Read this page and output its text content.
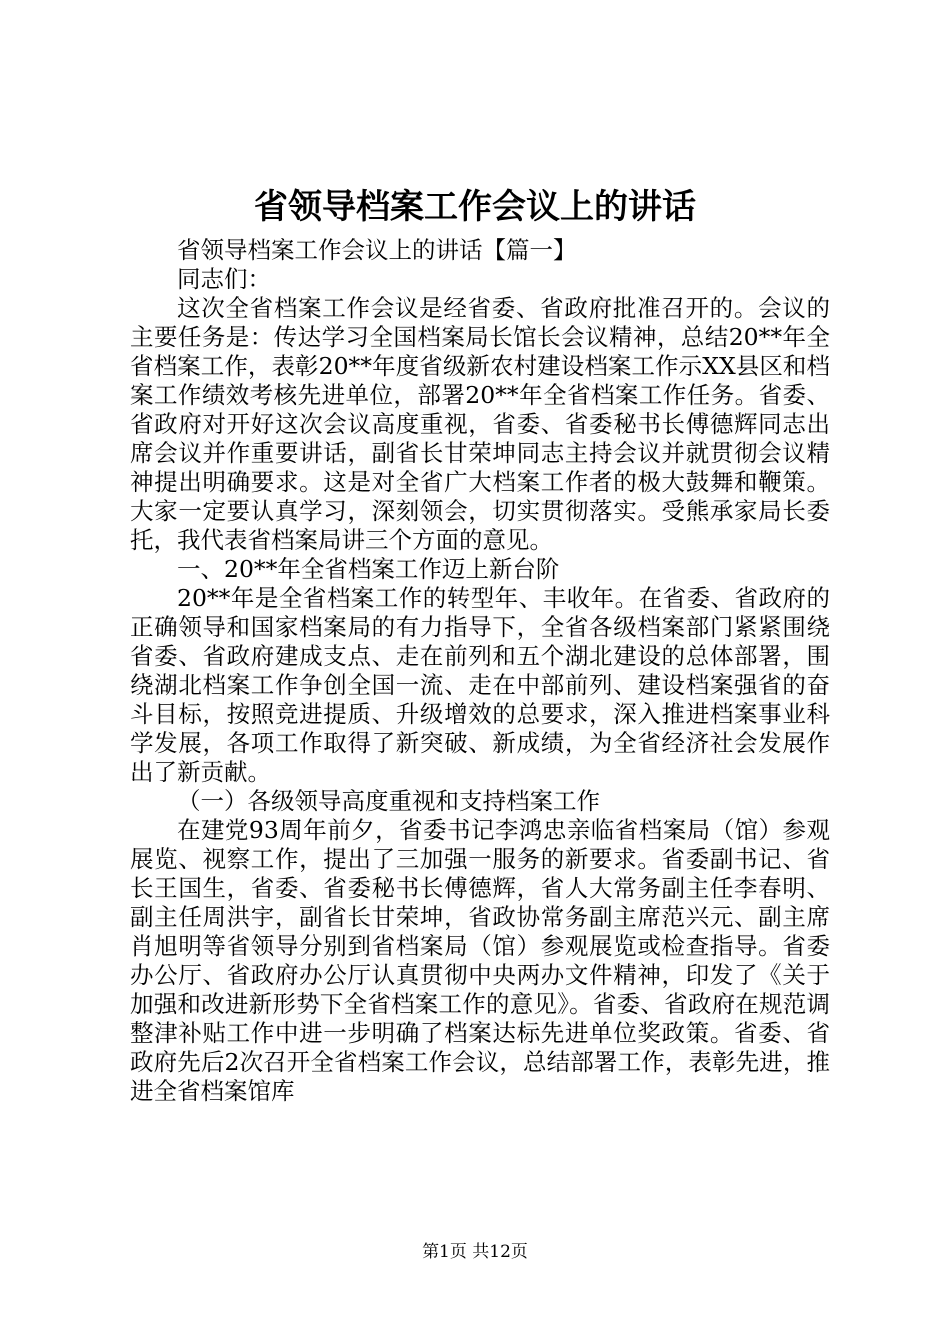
省领导档案工作会议上的讲话

省领导档案工作会议上的讲话【篇一】

同志们：

这次全省档案工作会议是经省委、省政府批准召开的。会议的主要任务是：传达学习全国档案局长馆长会议精神，总结20**年全省档案工作，表彰20**年度省级新农村建设档案工作示XX县区和档案工作绩效考核先进单位，部署20**年全省档案工作任务。省委、省政府对开好这次会议高度重视，省委、省委秘书长傅德辉同志出席会议并作重要讲话，副省长甘荣坤同志主持会议并就贯彻会议精神提出明确要求。这是对全省广大档案工作者的极大鼓舞和鞭策。大家一定要认真学习，深刻领会，切实贯彻落实。受熊承家局长委托，我代表省档案局讲三个方面的意见。

一、20**年全省档案工作迈上新台阶

20**年是全省档案工作的转型年、丰收年。在省委、省政府的正确领导和国家档案局的有力指导下，全省各级档案部门紧紧围绕省委、省政府建成支点、走在前列和五个湖北建设的总体部署，围绕湖北档案工作争创全国一流、走在中部前列、建设档案强省的奋斗目标，按照竞进提质、升级增效的总要求，深入推进档案事业科学发展，各项工作取得了新突破、新成绩，为全省经济社会发展作出了新贡献。

（一）各级领导高度重视和支持档案工作

在建党93周年前夕，省委书记李鸿忠亲临省档案局（馆）参观展览、视察工作，提出了三加强一服务的新要求。省委副书记、省长王国生，省委、省委秘书长傅德辉，省人大常务副主任李春明、副主任周洪宇，副省长甘荣坤，省政协常务副主席范兴元、副主席肖旭明等省领导分别到省档案局（馆）参观展览或检查指导。省委办公厅、省政府办公厅认真贯彻中央两办文件精神，印发了《关于加强和改进新形势下全省档案工作的意见》。省委、省政府在规范调整津补贴工作中进一步明确了档案达标先进单位奖政策。省委、省政府先后2次召开全省档案工作会议，总结部署工作，表彰先进，推进全省档案馆库

第1页 共12页
